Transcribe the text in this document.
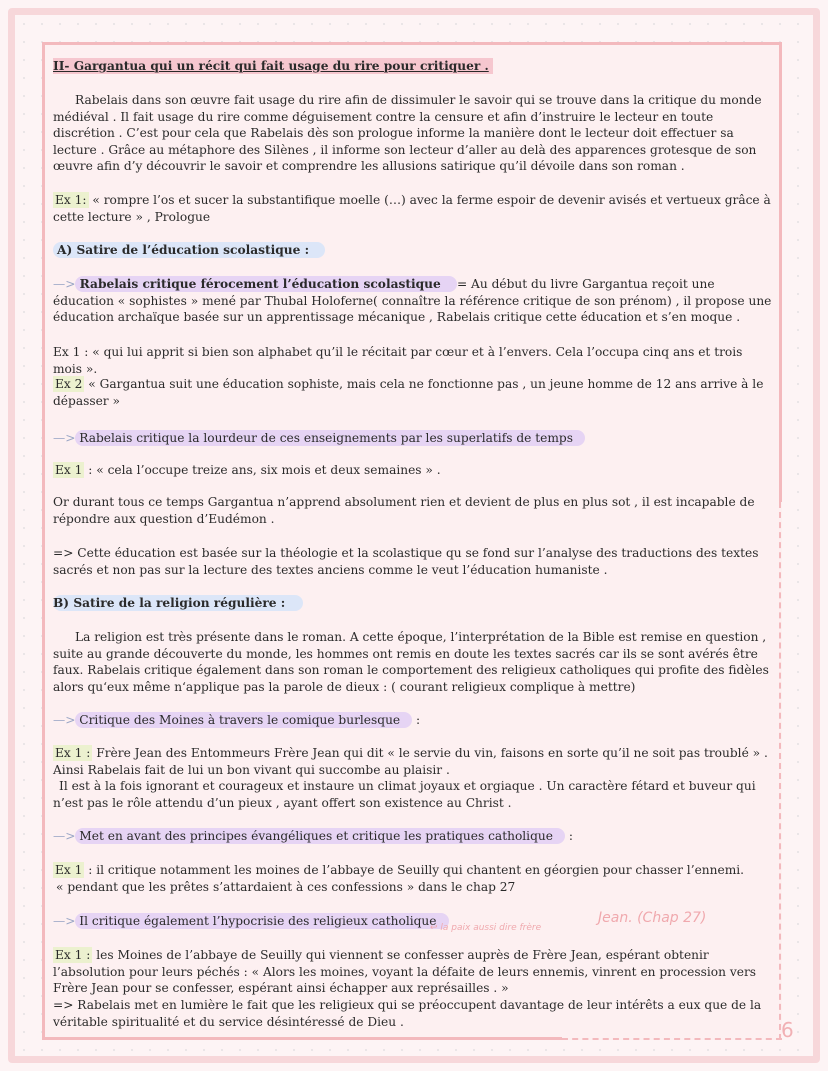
II- Gargantua qui un récit qui fait usage du rire pour critiquer .
Rabelais dans son œuvre fait usage du rire afin de dissimuler le savoir qui se trouve dans la critique du monde médiéval . Il fait usage du rire comme déguisement contre la censure et afin d’instruire le lecteur en toute discrétion . C’est pour cela que Rabelais dès son prologue informe la manière dont le lecteur doit effectuer sa lecture . Grâce au métaphore des Silènes , il informe son lecteur d’aller au delà des apparences grotesque de son œuvre afin d’y découvrir le savoir et comprendre les allusions satirique qu’il dévoile dans son roman .
Ex 1: « rompre l’os et sucer la substantifique moelle (…) avec la ferme espoir de devenir avisés et vertueux grâce à cette lecture » , Prologue
A) Satire de l’éducation scolastique :
—> Rabelais critique férocement l’éducation scolastique = Au début du livre Gargantua reçoit une éducation « sophistes » mené par Thubal Holoferne( connaître la référence critique de son prénom) , il propose une éducation archaïque basée sur un apprentissage mécanique , Rabelais critique cette éducation et s’en moque .
Ex 1 : « qui lui apprit si bien son alphabet qu’il le récitait par cœur et à l’envers. Cela l’occupa cinq ans et trois mois ».
Ex 2 « Gargantua suit une éducation sophiste, mais cela ne fonctionne pas , un jeune homme de 12 ans arrive à le dépasser »
—> Rabelais critique la lourdeur de ces enseignements par les superlatifs de temps
Ex 1 : « cela l’occupe treize ans, six mois et deux semaines » .
Or durant tous ce temps Gargantua n’apprend absolument rien et devient de plus en plus sot , il est incapable de répondre aux question d’Eudémon .
=> Cette éducation est basée sur la théologie et la scolastique qu se fond sur l’analyse des traductions des textes sacrés et non pas sur la lecture des textes anciens comme le veut l’éducation humaniste .
B) Satire de la religion régulière :
La religion est très présente dans le roman. A cette époque, l’interprétation de la Bible est remise en question , suite au grande découverte du monde, les hommes ont remis en doute les textes sacrés car ils se sont avérés être faux. Rabelais critique également dans son roman le comportement des religieux catholiques qui profite des fidèles alors qu‘eux même n‘applique pas la parole de dieux : ( courant religieux complique à mettre)
—> Critique des Moines à travers le comique burlesque :
Ex 1 : Frère Jean des Entommeurs Frère Jean qui dit « le servie du vin, faisons en sorte qu’il ne soit pas troublé » . Ainsi Rabelais fait de lui un bon vivant qui succombe au plaisir .
Il est à la fois ignorant et courageux et instaure un climat joyaux et orgiaque . Un caractère fétard et buveur qui n’est pas le rôle attendu d’un pieux , ayant offert son existence au Christ .
—> Met en avant des principes évangéliques et critique les pratiques catholique :
Ex 1 : il critique notamment les moines de l’abbaye de Seuilly qui chantent en géorgien pour chasser l’ennemi.
« pendant que les prêtes s’attardaient à ces confessions » dans le chap 27
—> Il critique également l’hypocrisie des religieux catholique
↩ la paix aussi dire frère
Jean. (Chap 27)
Ex 1 : les Moines de l’abbaye de Seuilly qui viennent se confesser auprès de Frère Jean, espérant obtenir l’absolution pour leurs péchés : « Alors les moines, voyant la défaite de leurs ennemis, vinrent en procession vers Frère Jean pour se confesser, espérant ainsi échapper aux représailles . »
=> Rabelais met en lumière le fait que les religieux qui se préoccupent davantage de leur intérêts a eux que de la véritable spiritualité et du service désintéressé de Dieu .	6
